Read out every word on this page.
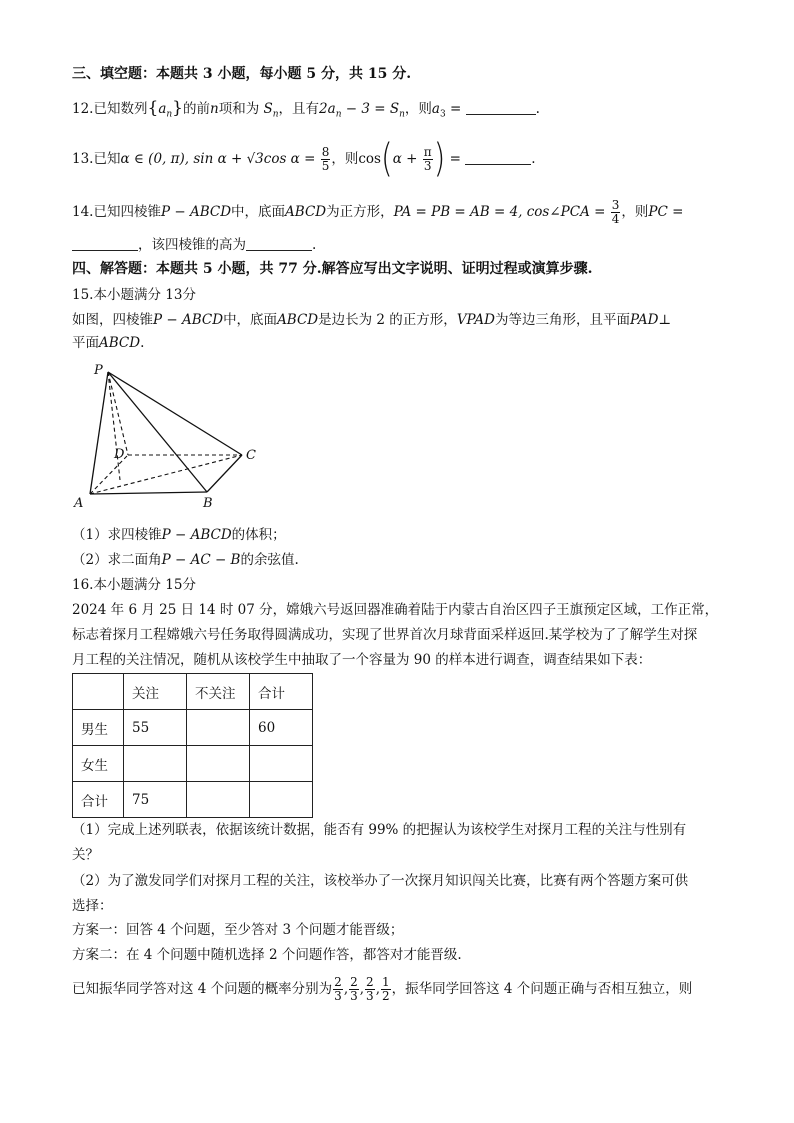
三、填空题：本题共 3 小题，每小题 5 分，共 15 分.
12.已知数列$\{a_n\}$的前n项和为 $S_n$，且有$2a_n - 3 = S_n$，则$a_3$ =	.
13.已知α ∈ (0, π), sin α + √3cos $\alpha = \frac{8}{5}$ ，则$\cos(\alpha + \frac{\pi}{3}$ ) =	.
14.已知四棱锥P − ABCD中，底面ABCD为正方形，PA = PB = AB = 4, cos∠PCA = $\frac{3}{4}$ ，则PC =
，该四棱锥的高为	.
四、解答题：本题共 5 小题，共 77 分.解答应写出文字说明、证明过程或演算步骤.
15.本小题满分 13分
如图，四棱锥P − ABCD中，底面ABCD是边长为 2 的正方形，VPAD为等边三角形，且平面PAD⊥
平面ABCD.
P
D	C
A	B
（1）求四棱锥P − ABCD的体积；
（2）求二面角P − AC − B的余弦值.
16.本小题满分 15分
2024 年 6 月 25 日 14 时 07 分，嫦娥六号返回器准确着陆于内蒙古自治区四子王旗预定区域，工作正常，
标志着探月工程嫦娥六号任务取得圆满成功，实现了世界首次月球背面采样返回.某学校为了了解学生对探
月工程的关注情况，随机从该校学生中抽取了一个容量为 90 的样本进行调查，调查结果如下表：
	关注	不关注	合计
男生	55		60
女生			
合计	75		
（1）完成上述列联表，依据该统计数据，能否有 99% 的把握认为该校学生对探月工程的关注与性别有
关？
（2）为了激发同学们对探月工程的关注，该校举办了一次探月知识闯关比赛，比赛有两个答题方案可供
选择：
方案一：回答 4 个问题，至少答对 3 个问题才能晋级；
方案二：在 4 个问题中随机选择 2 个问题作答，都答对才能晋级.
已知振华同学答对这 4 个问题的概率分别为 $\frac{2}{3}$ , $\frac{2}{3}$ , $\frac{2}{3}$ , $\frac{1}{2}$ ，振华同学回答这 4 个问题正确与否相互独立，则
